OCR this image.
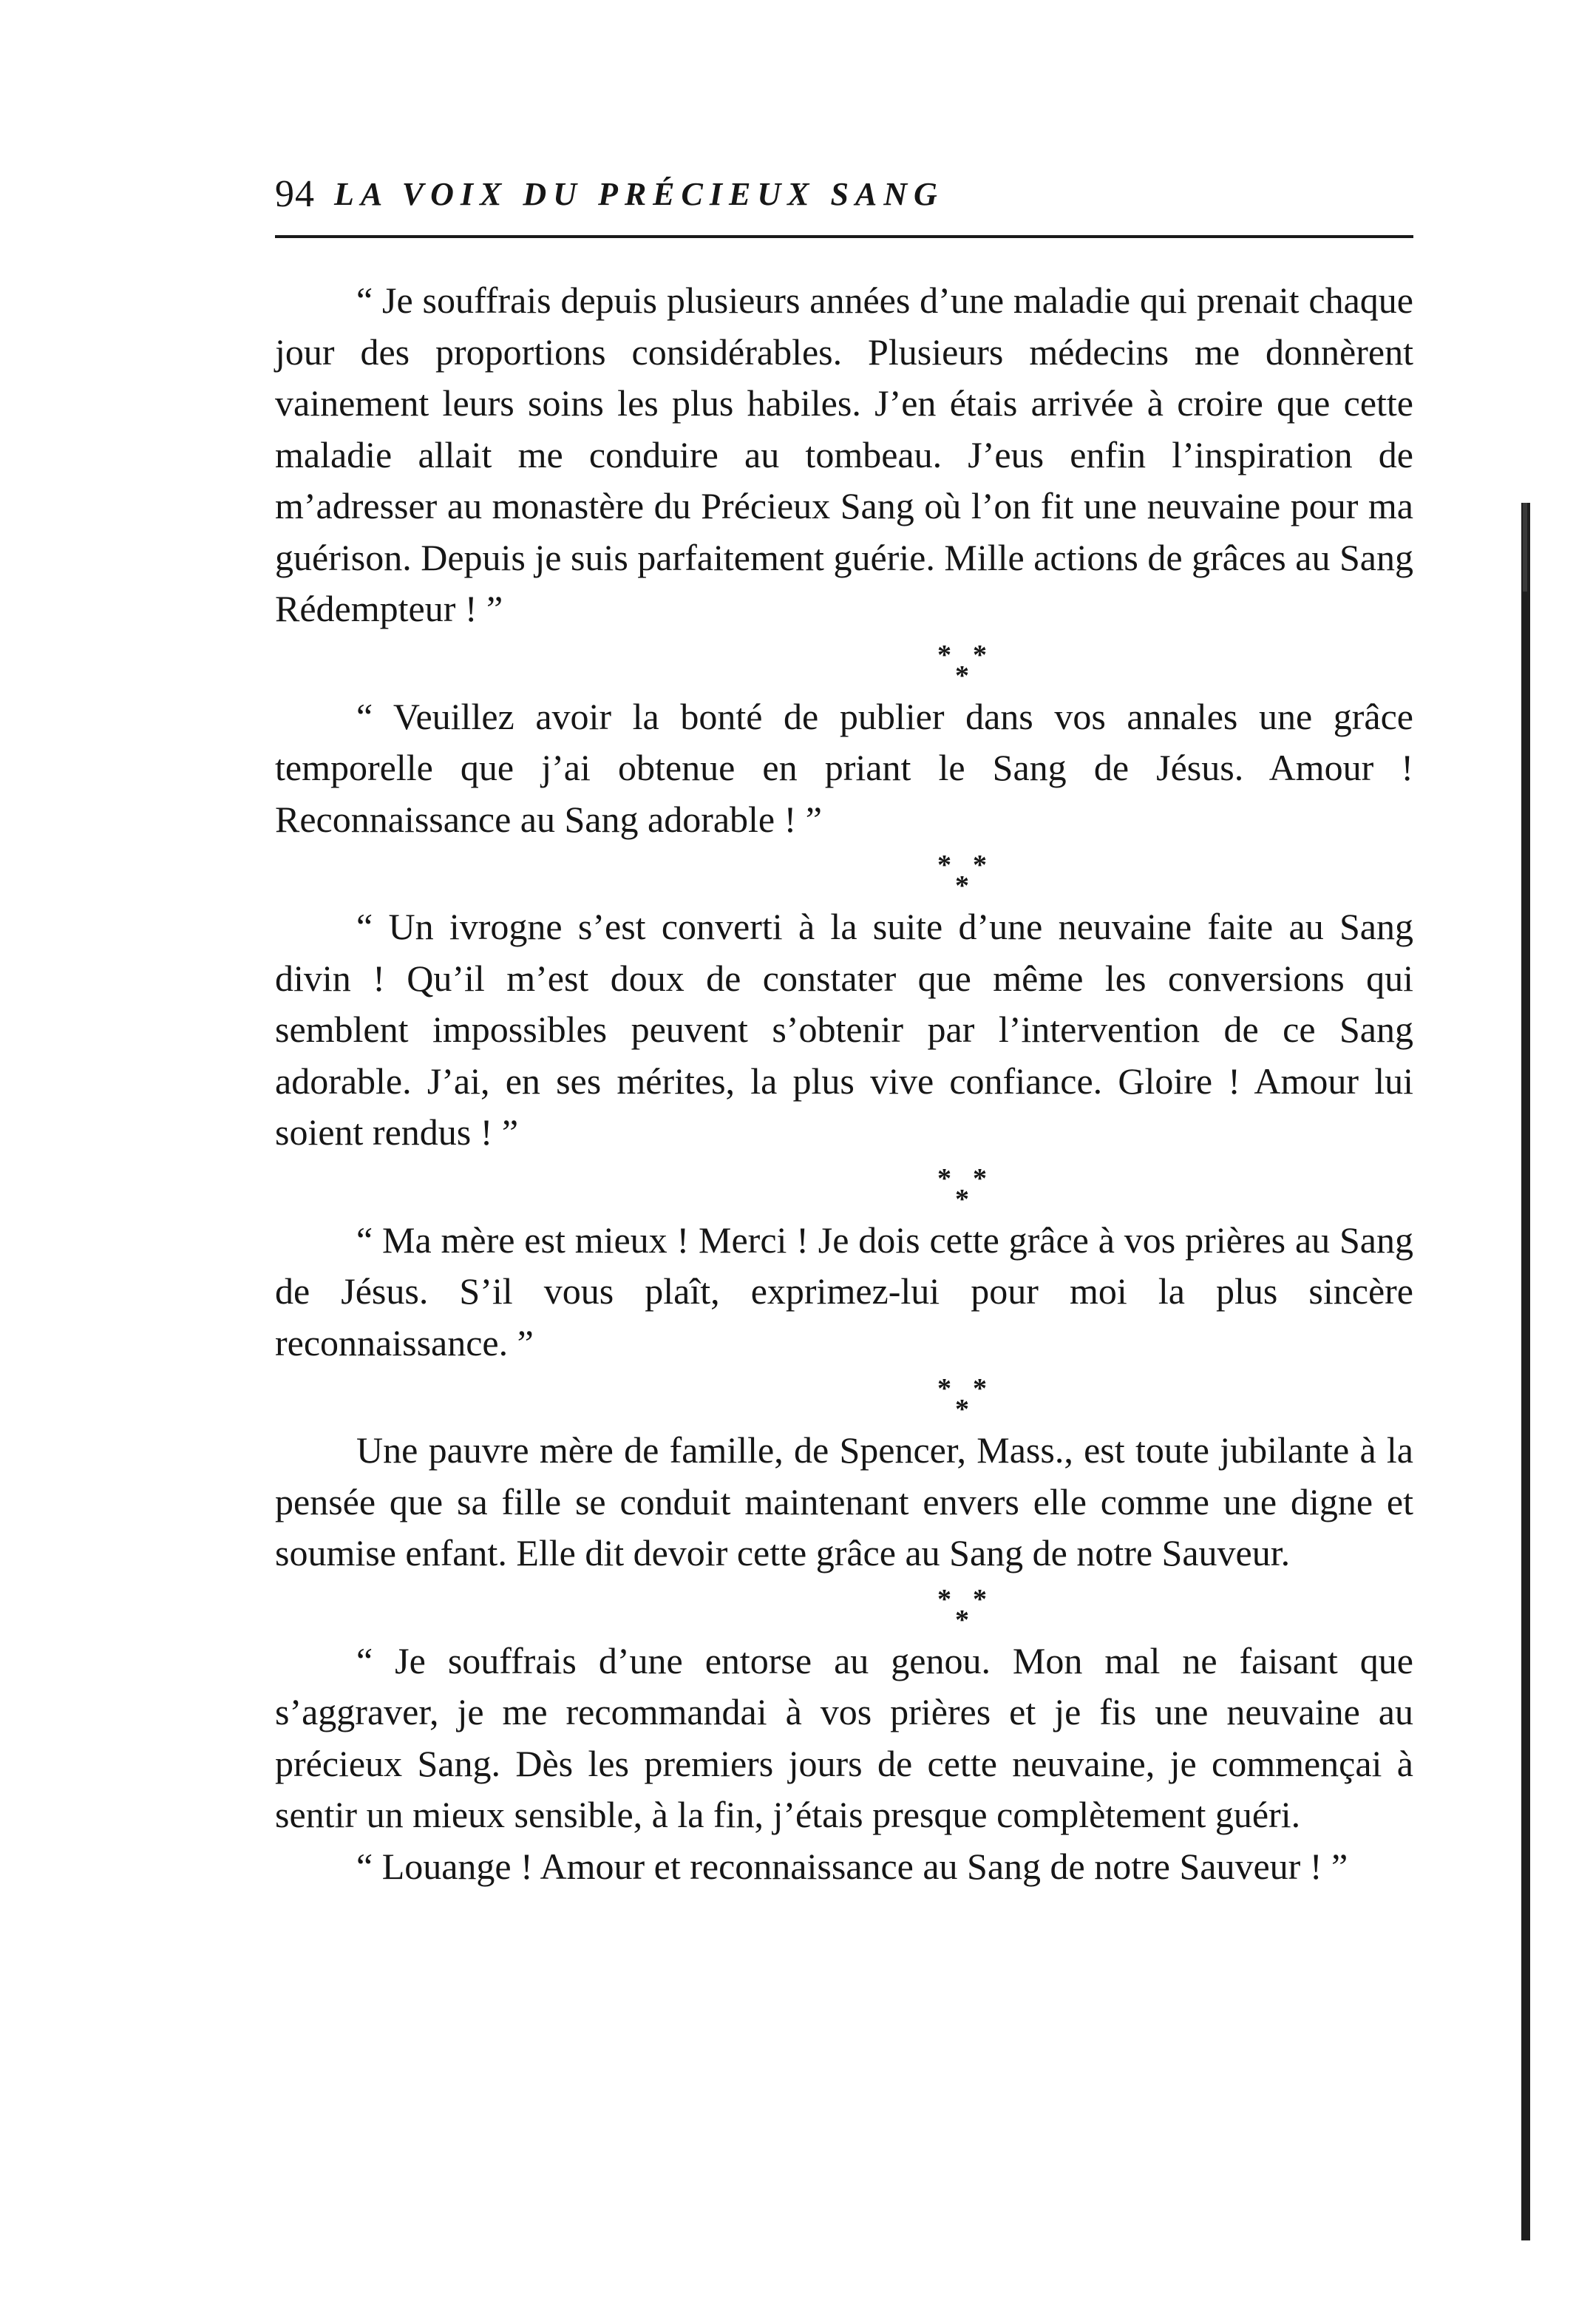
94 LA VOIX DU PRÉCIEUX SANG

“ Je souffrais depuis plusieurs années d’une maladie qui prenait chaque jour des proportions considérables. Plusieurs médecins me donnèrent vainement leurs soins les plus habiles. J’en étais arrivée à croire que cette maladie allait me conduire au tombeau. J’eus enfin l’inspiration de m’adresser au monastère du Précieux Sang où l’on fit une neuvaine pour ma guérison. Depuis je suis parfaitement guérie. Mille actions de grâces au Sang Rédempteur ! ”

* *
*

“ Veuillez avoir la bonté de publier dans vos annales une grâce temporelle que j’ai obtenue en priant le Sang de Jésus. Amour ! Reconnaissance au Sang adorable ! ”

* *
*

“ Un ivrogne s’est converti à la suite d’une neuvaine faite au Sang divin ! Qu’il m’est doux de constater que même les conversions qui semblent impossibles peuvent s’obtenir par l’intervention de ce Sang adorable. J’ai, en ses mérites, la plus vive confiance. Gloire ! Amour lui soient rendus ! ”

* *
*

“ Ma mère est mieux ! Merci ! Je dois cette grâce à vos prières au Sang de Jésus. S’il vous plaît, exprimez-lui pour moi la plus sincère reconnaissance. ”

* *
*

Une pauvre mère de famille, de Spencer, Mass., est toute jubilante à la pensée que sa fille se conduit maintenant envers elle comme une digne et soumise enfant. Elle dit devoir cette grâce au Sang de notre Sauveur.

* *
*

“ Je souffrais d’une entorse au genou. Mon mal ne faisant que s’aggraver, je me recommandai à vos prières et je fis une neuvaine au précieux Sang. Dès les premiers jours de cette neuvaine, je commençai à sentir un mieux sensible, à la fin, j’étais presque complètement guéri.

“ Louange ! Amour et reconnaissance au Sang de notre Sauveur ! ”
